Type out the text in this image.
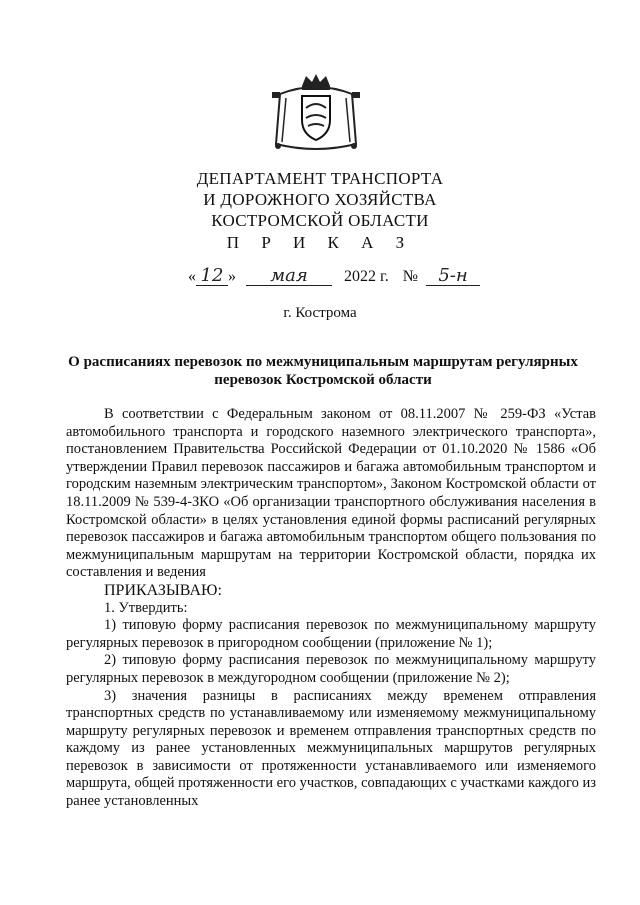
ДЕПАРТАМЕНТ ТРАНСПОРТА
И ДОРОЖНОГО ХОЗЯЙСТВА
КОСТРОМСКОЙ ОБЛАСТИ
П Р И К А З
« 12 » мая 2022 г. № 5-н
г. Кострома
О расписаниях перевозок по межмуниципальным маршрутам регулярных перевозок Костромской области

В соответствии с Федеральным законом от 08.11.2007 № 259-ФЗ «Устав автомобильного транспорта и городского наземного электрического транспорта», постановлением Правительства Российской Федерации от 01.10.2020 № 1586 «Об утверждении Правил перевозок пассажиров и багажа автомобильным транспортом и городским наземным электрическим транспортом», Законом Костромской области от 18.11.2009 № 539-4-ЗКО «Об организации транспортного обслуживания населения в Костромской области» в целях установления единой формы расписаний регулярных перевозок пассажиров и багажа автомобильным транспортом общего пользования по межмуниципальным маршрутам на территории Костромской области, порядка их составления и ведения

ПРИКАЗЫВАЮ:

1. Утвердить:

1) типовую форму расписания перевозок по межмуниципальному маршруту регулярных перевозок в пригородном сообщении (приложение № 1);

2) типовую форму расписания перевозок по межмуниципальному маршруту регулярных перевозок в междугородном сообщении (приложение № 2);

3) значения разницы в расписаниях между временем отправления транспортных средств по устанавливаемому или изменяемому межмуниципальному маршруту регулярных перевозок и временем отправления транспортных средств по каждому из ранее установленных межмуниципальных маршрутов регулярных перевозок в зависимости от протяженности устанавливаемого или изменяемого маршрута, общей протяженности его участков, совпадающих с участками каждого из ранее установленных
